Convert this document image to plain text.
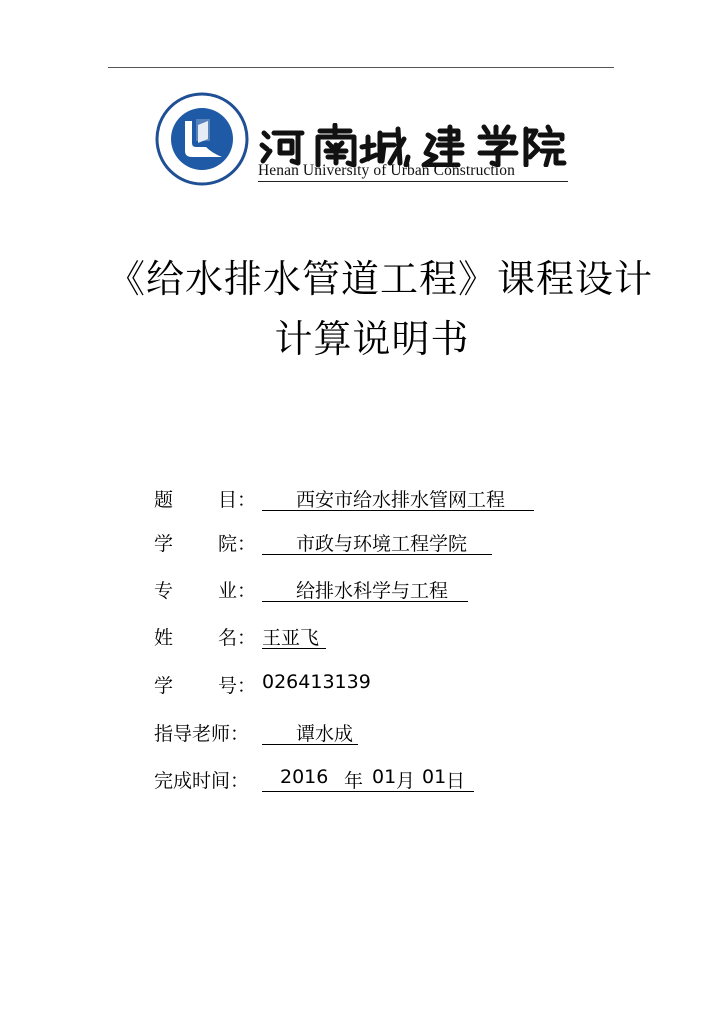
Henan University of Urban Construction
《给水排水管道工程》课程设计
计算说明书
题 目： 西安市给水排水管网工程
学 院： 市政与环境工程学院
专 业： 给排水科学与工程
姓 名： 王亚飞
学 号： 026413139
指导老师： 谭水成
完成时间： 2016 年 01 月 01 日
